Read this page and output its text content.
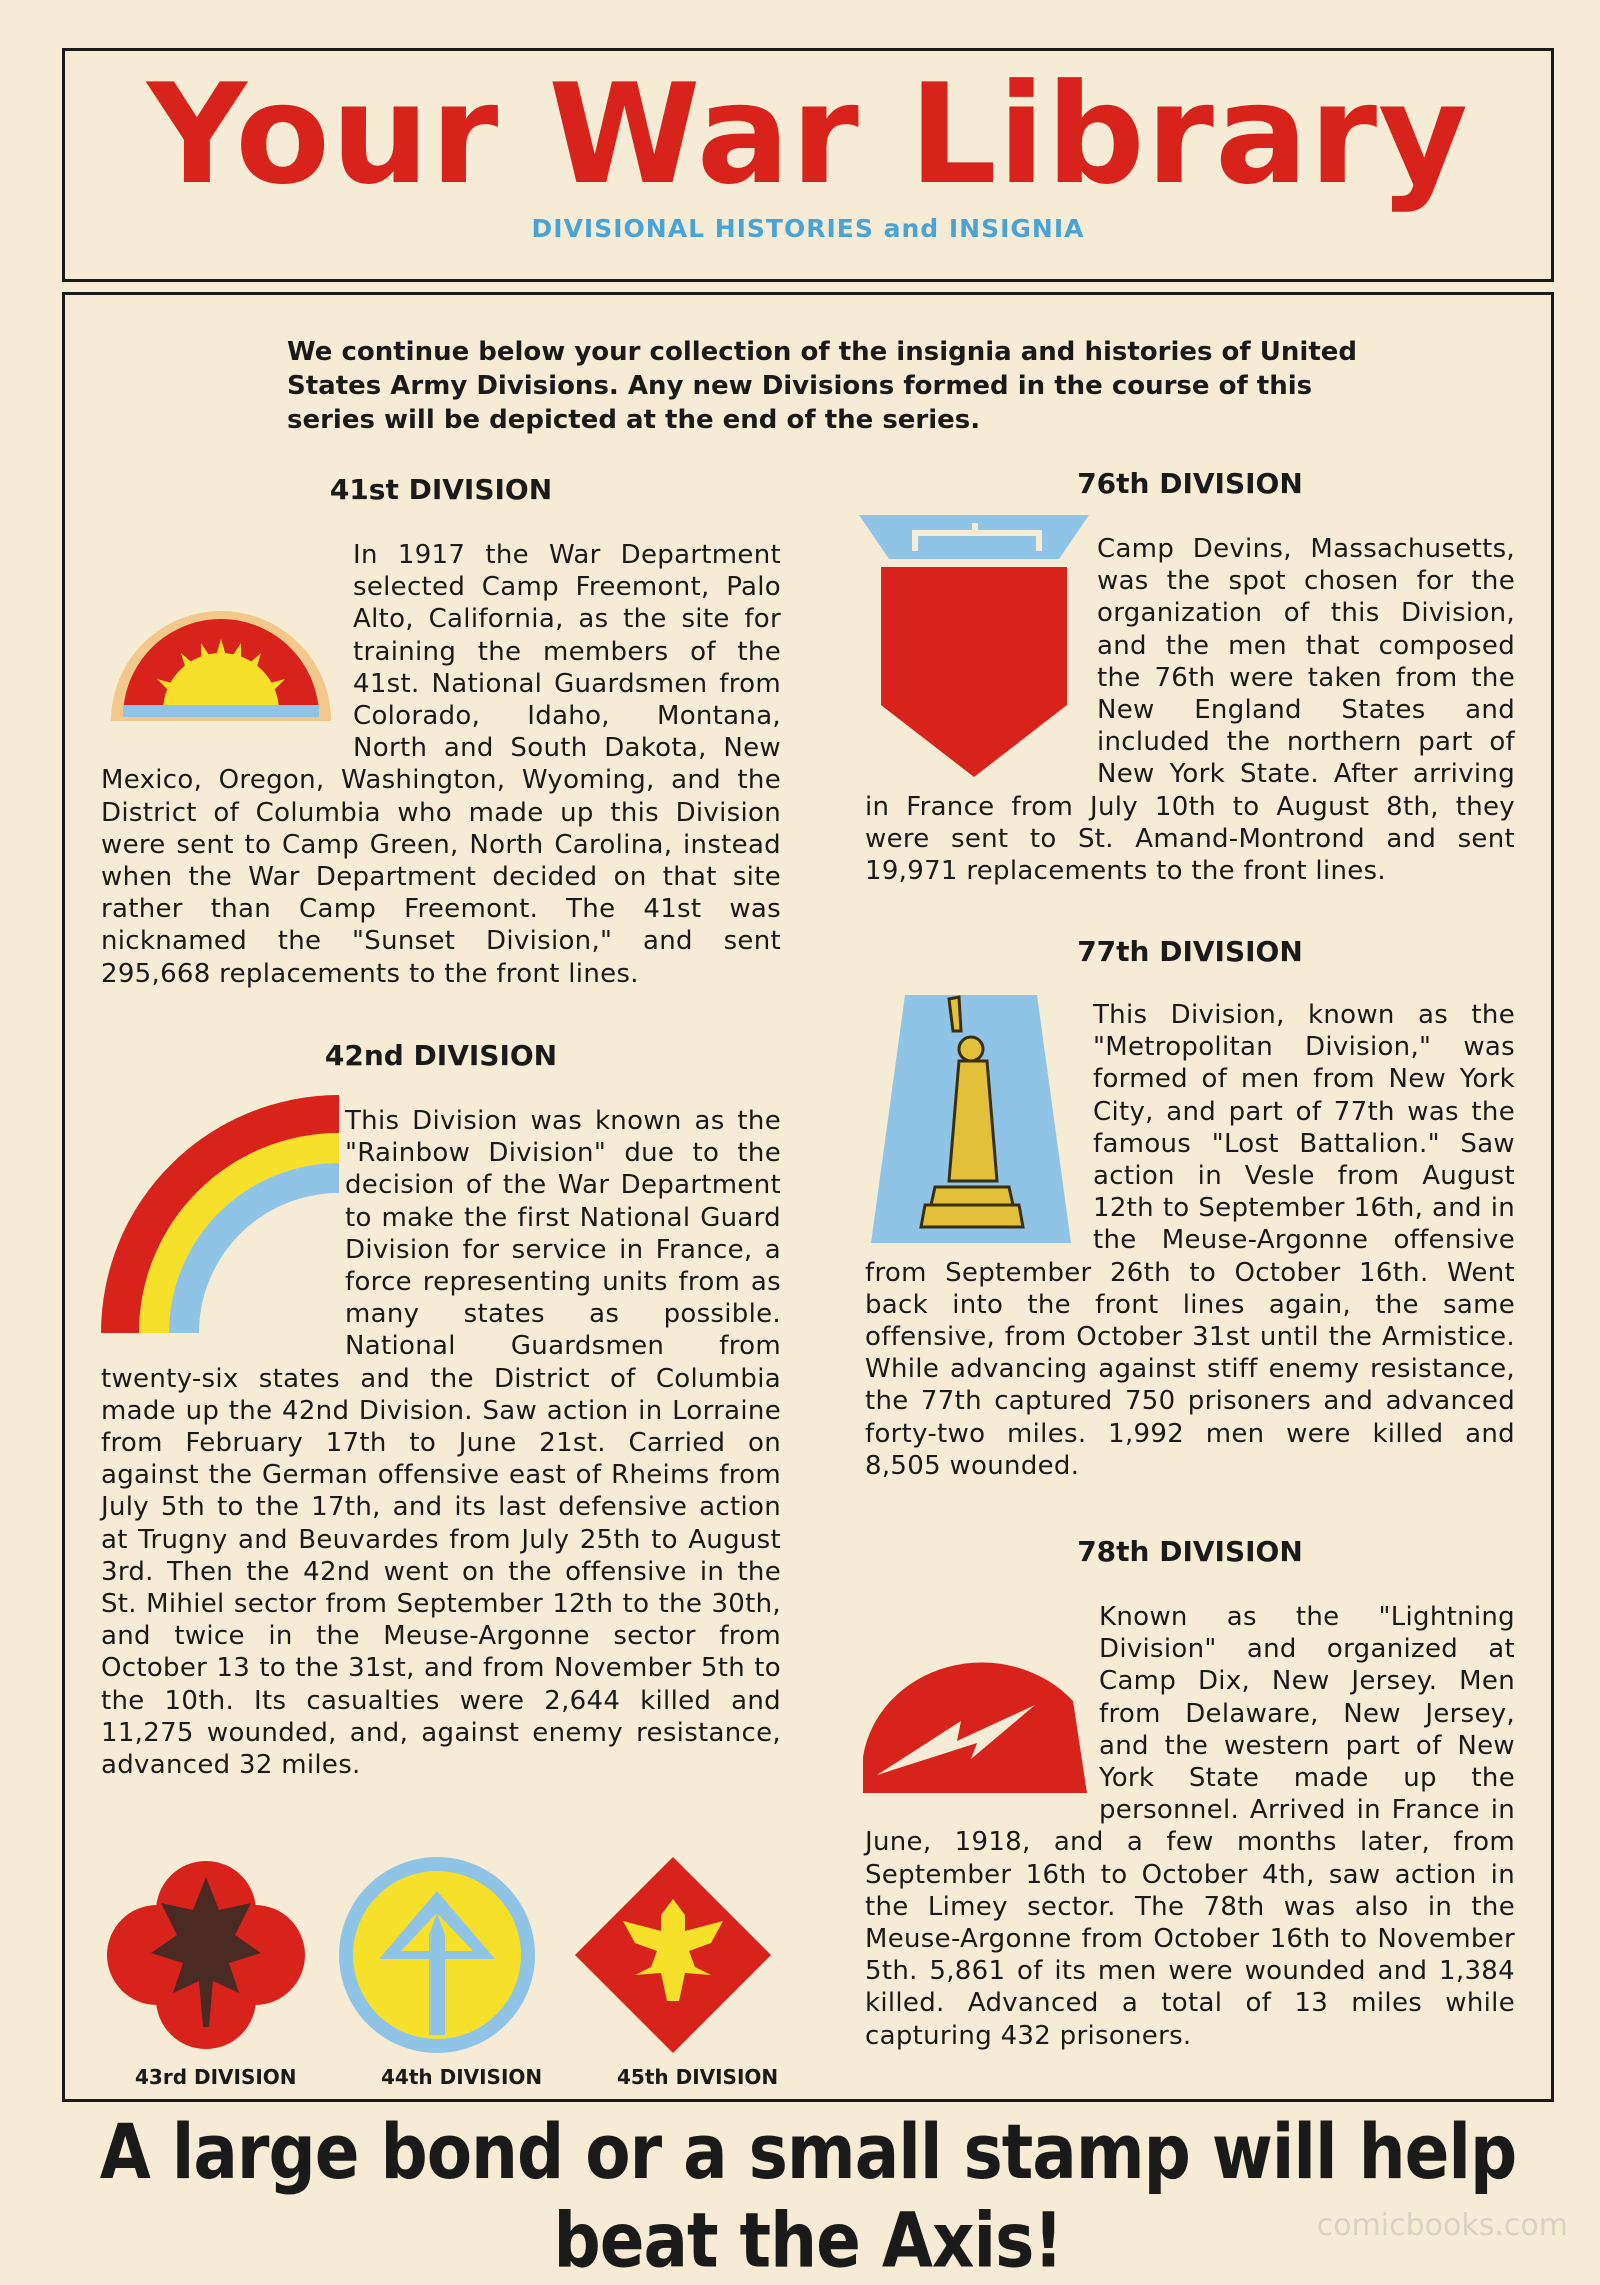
Your War Library
DIVISIONAL HISTORIES and INSIGNIA
We continue below your collection of the insignia and histories of United States Army Divisions. Any new Divisions formed in the course of this series will be depicted at the end of the series.
41st DIVISION

In 1917 the War Department selected Camp Freemont, Palo Alto, California, as the site for training the members of the 41st. National Guardsmen from Colorado, Idaho, Montana, North and South Dakota, New Mexico, Oregon, Washington, Wyoming, and the District of Columbia who made up this Division were sent to Camp Green, North Carolina, instead when the War Department decided on that site rather than Camp Freemont. The 41st was nicknamed the "Sunset Division," and sent 295,668 replacements to the front lines.

42nd DIVISION

This Division was known as the "Rainbow Division" due to the decision of the War Department to make the first National Guard Division for service in France, a force representing units from as many states as possible. National Guardsmen from twenty-six states and the District of Columbia made up the 42nd Division. Saw action in Lorraine from February 17th to June 21st. Carried on against the German offensive east of Rheims from July 5th to the 17th, and its last defensive action at Trugny and Beuvardes from July 25th to August 3rd. Then the 42nd went on the offensive in the St. Mihiel sector from September 12th to the 30th, and twice in the Meuse-Argonne sector from October 13 to the 31st, and from November 5th to the 10th. Its casualties were 2,644 killed and 11,275 wounded, and, against enemy resistance, advanced 32 miles.

43rd DIVISION	44th DIVISION	45th DIVISION
76th DIVISION

Camp Devins, Massachusetts, was the spot chosen for the organization of this Division, and the men that composed the 76th were taken from the New England States and included the northern part of New York State. After arriving in France from July 10th to August 8th, they were sent to St. Amand-Montrond and sent 19,971 replacements to the front lines.

77th DIVISION

This Division, known as the "Metropolitan Division," was formed of men from New York City, and part of 77th was the famous "Lost Battalion." Saw action in Vesle from August 12th to September 16th, and in the Meuse-Argonne offensive from September 26th to October 16th. Went back into the front lines again, the same offensive, from October 31st until the Armistice. While advancing against stiff enemy resistance, the 77th captured 750 prisoners and advanced forty-two miles. 1,992 men were killed and 8,505 wounded.

78th DIVISION

Known as the "Lightning Division" and organized at Camp Dix, New Jersey. Men from Delaware, New Jersey, and the western part of New York State made up the personnel. Arrived in France in June, 1918, and a few months later, from September 16th to October 4th, saw action in the Limey sector. The 78th was also in the Meuse-Argonne from October 16th to November 5th. 5,861 of its men were wounded and 1,384 killed. Advanced a total of 13 miles while capturing 432 prisoners.

A large bond or a small stamp will help beat the Axis!	comicbooks.com
